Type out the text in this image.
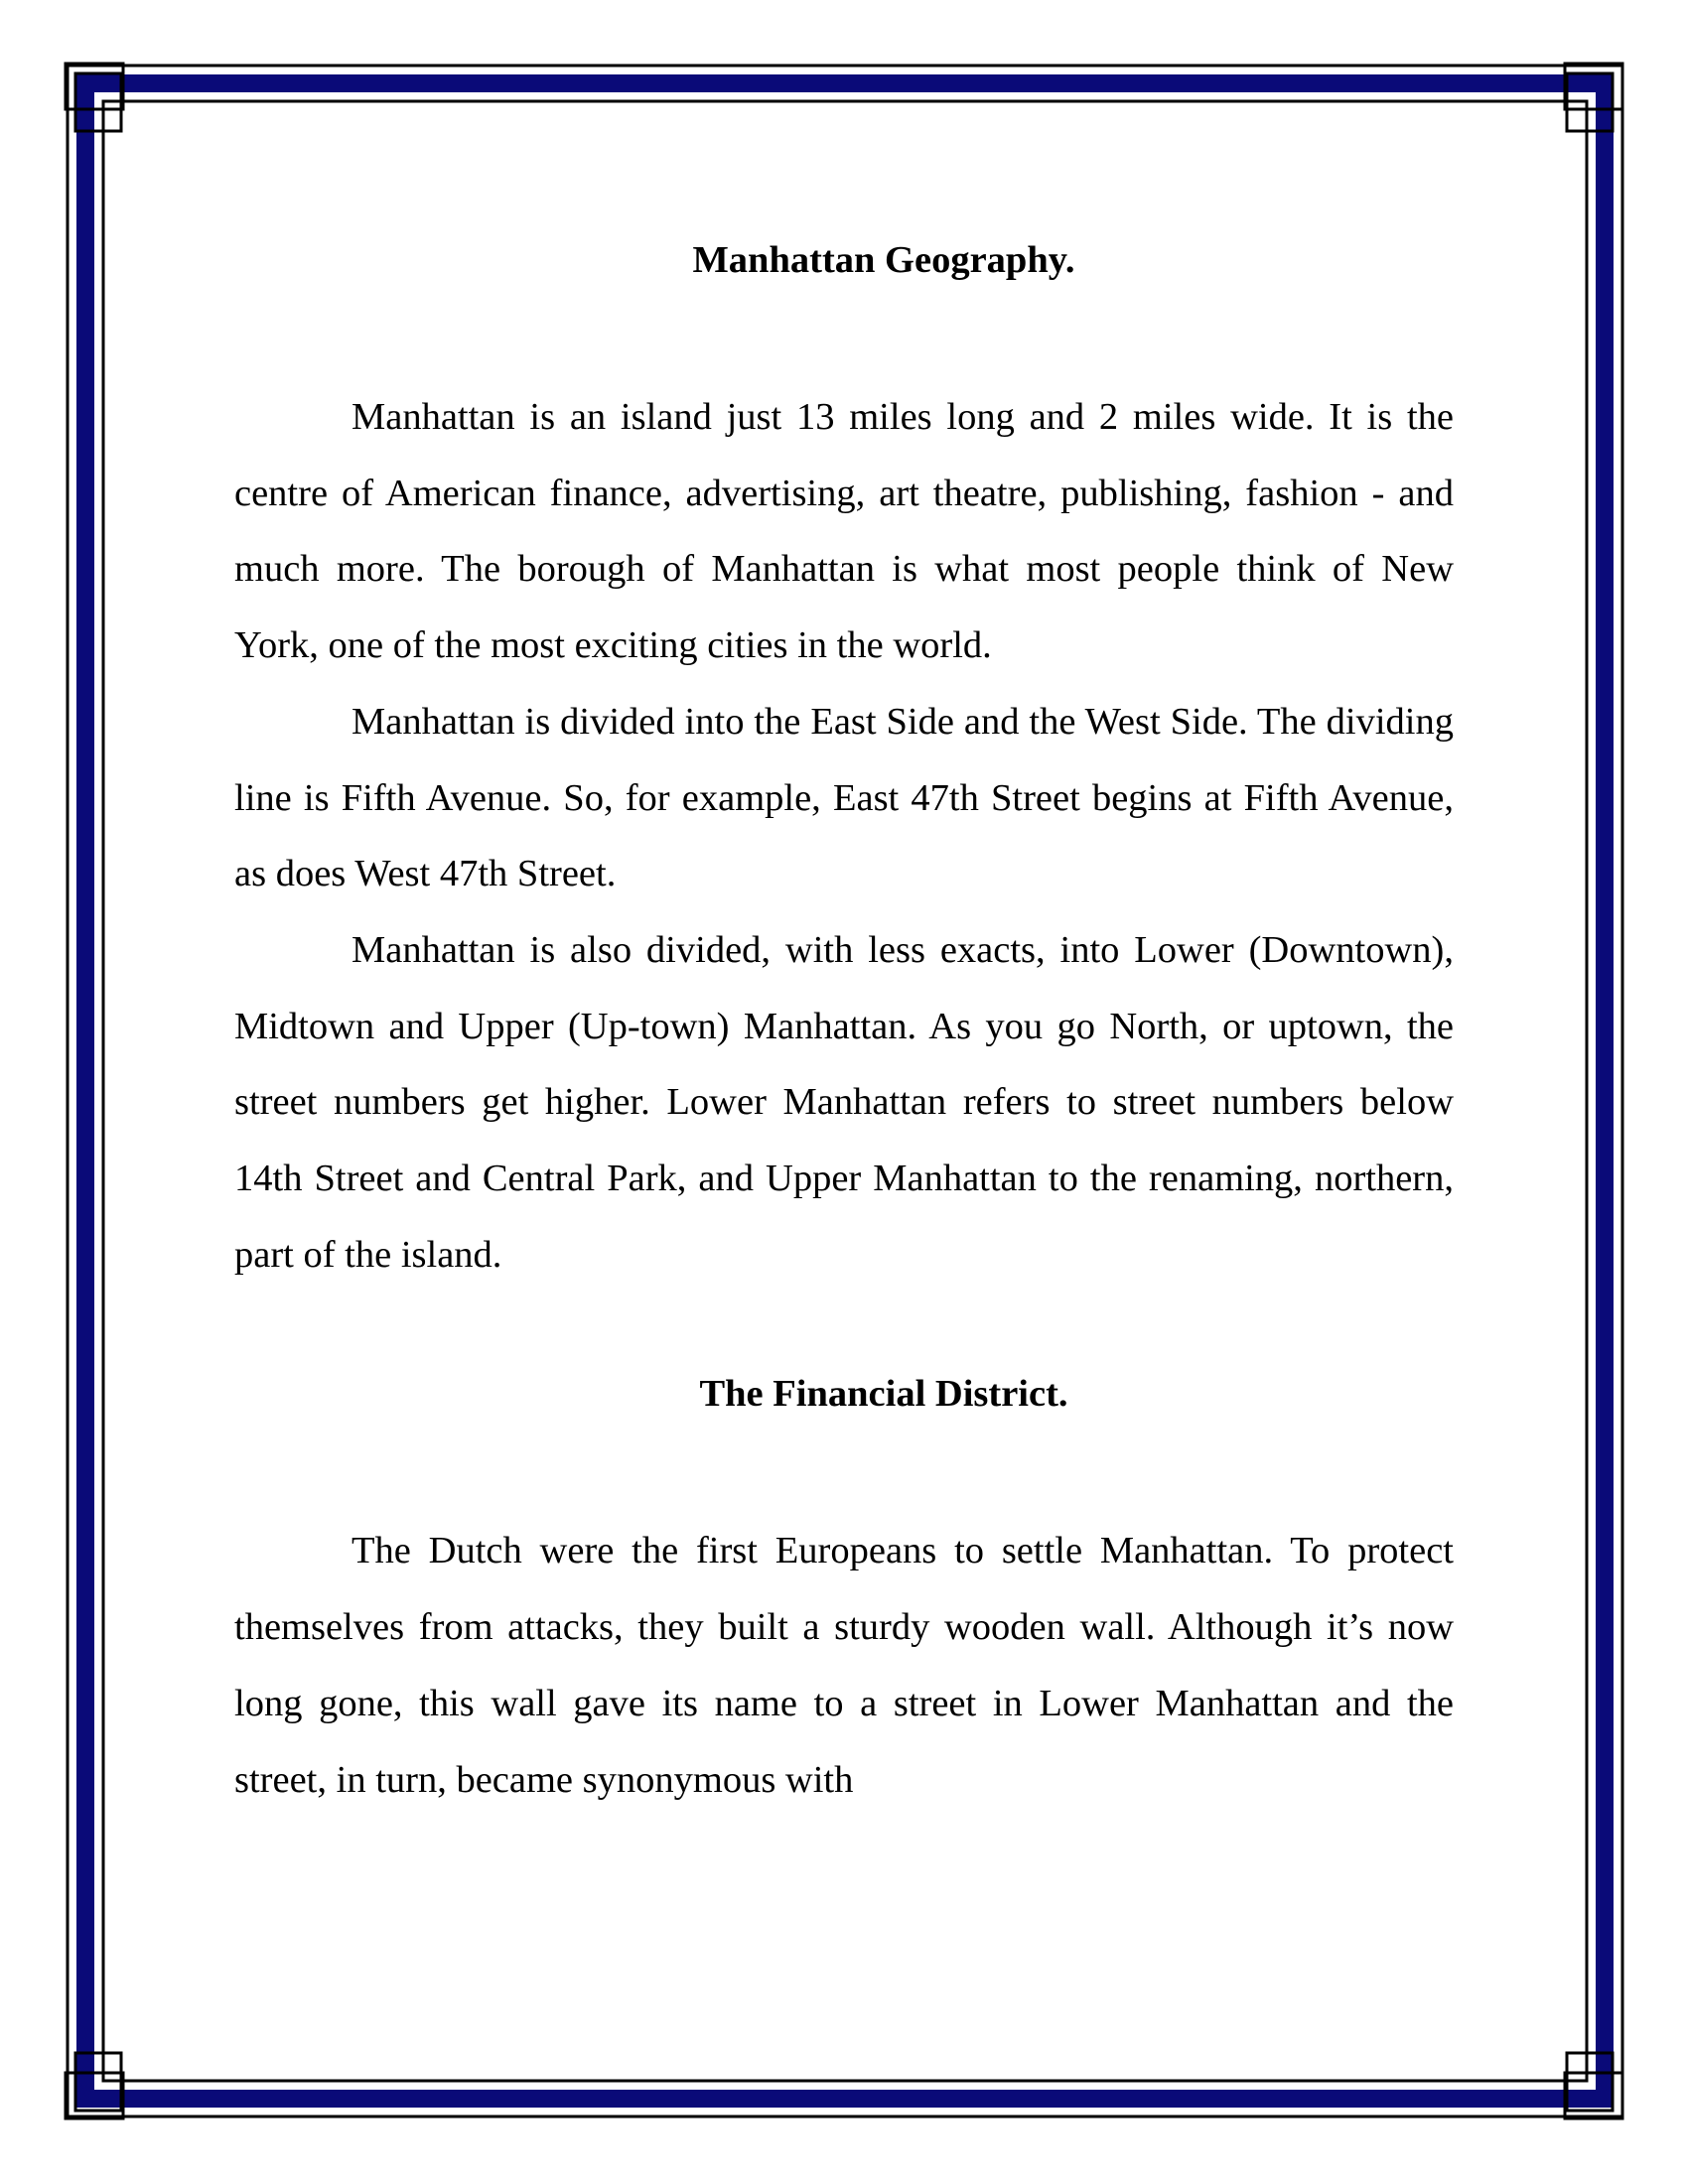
Manhattan Geography.

Manhattan is an island just 13 miles long and 2 miles wide. It is the centre of American finance, advertising, art theatre, publishing, fashion - and much more. The borough of Manhattan is what most people think of New York, one of the most exciting cities in the world.

Manhattan is divided into the East Side and the West Side. The dividing line is Fifth Avenue. So, for example, East 47th Street begins at Fifth Avenue, as does West 47th Street.

Manhattan is also divided, with less exacts, into Lower (Downtown), Midtown and Upper (Up-town) Manhattan. As you go North, or uptown, the street numbers get higher. Lower Manhattan refers to street numbers below 14th Street and Central Park, and Upper Manhattan to the renaming, northern, part of the island.

The Financial District.

The Dutch were the first Europeans to settle Manhattan. To protect themselves from attacks, they built a sturdy wooden wall. Although it’s now long gone, this wall gave its name to a street in Lower Manhattan and the street, in turn, became synonymous with
